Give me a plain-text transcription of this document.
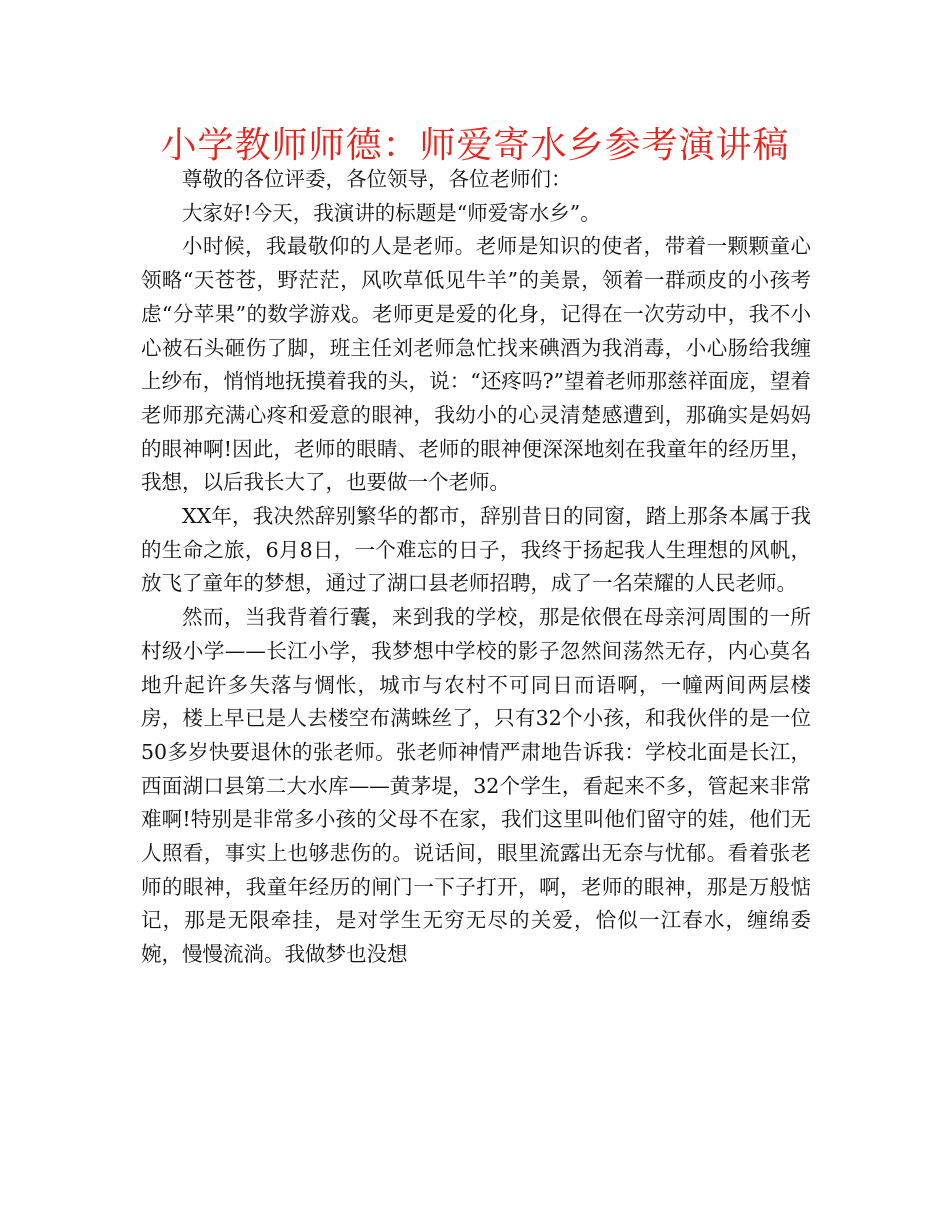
小学教师师德：师爱寄水乡参考演讲稿

尊敬的各位评委，各位领导，各位老师们：

大家好!今天，我演讲的标题是“师爱寄水乡”。

小时候，我最敬仰的人是老师。老师是知识的使者，带着一颗颗童心领略“天苍苍，野茫茫，风吹草低见牛羊”的美景，领着一群顽皮的小孩考虑“分苹果”的数学游戏。老师更是爱的化身，记得在一次劳动中，我不小心被石头砸伤了脚，班主任刘老师急忙找来碘酒为我消毒，小心肠给我缠上纱布，悄悄地抚摸着我的头，说：“还疼吗?”望着老师那慈祥面庞，望着老师那充满心疼和爱意的眼神，我幼小的心灵清楚感遭到，那确实是妈妈的眼神啊!因此，老师的眼睛、老师的眼神便深深地刻在我童年的经历里，我想，以后我长大了，也要做一个老师。

XX年，我决然辞别繁华的都市，辞别昔日的同窗，踏上那条本属于我的生命之旅，6月8日，一个难忘的日子，我终于扬起我人生理想的风帆，放飞了童年的梦想，通过了湖口县老师招聘，成了一名荣耀的人民老师。

然而，当我背着行囊，来到我的学校，那是依偎在母亲河周围的一所村级小学——长江小学，我梦想中学校的影子忽然间荡然无存，内心莫名地升起许多失落与惆怅，城市与农村不可同日而语啊，一幢两间两层楼房，楼上早已是人去楼空布满蛛丝了，只有32个小孩，和我伙伴的是一位50多岁快要退休的张老师。张老师神情严肃地告诉我：学校北面是长江，西面湖口县第二大水库——黄茅堤，32个学生，看起来不多，管起来非常难啊!特别是非常多小孩的父母不在家，我们这里叫他们留守的娃，他们无人照看，事实上也够悲伤的。说话间，眼里流露出无奈与忧郁。看着张老师的眼神，我童年经历的闸门一下子打开，啊，老师的眼神，那是万般惦记，那是无限牵挂，是对学生无穷无尽的关爱，恰似一江春水，缠绵委婉，慢慢流淌。我做梦也没想
